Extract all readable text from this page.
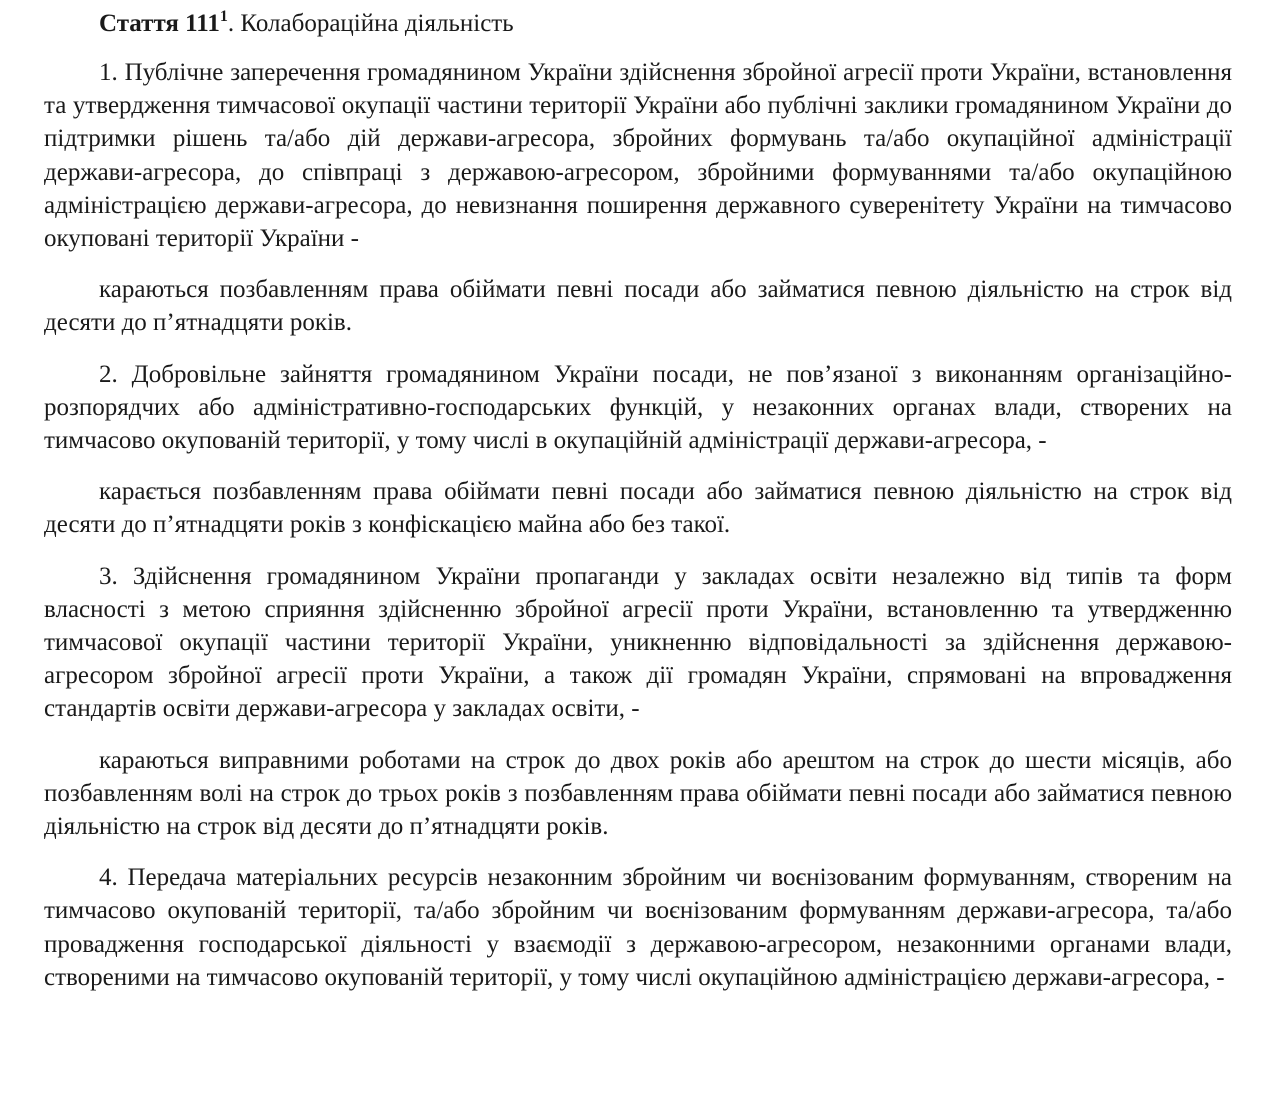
Стаття $111^1$. Колабораційна діяльність

1. Публічне заперечення громадянином України здійснення збройної агресії проти України, встановлення та утвердження тимчасової окупації частини території України або публічні заклики громадянином України до підтримки рішень та/або дій держави-агресора, збройних формувань та/або окупаційної адміністрації держави-агресора, до співпраці з державою-агресором, збройними формуваннями та/або окупаційною адміністрацією держави-агресора, до невизнання поширення державного суверенітету України на тимчасово окуповані території України -

караються позбавленням права обіймати певні посади або займатися певною діяльністю на строк від десяти до п’ятнадцяти років.

2. Добровільне зайняття громадянином України посади, не пов’язаної з виконанням організаційно-розпорядчих або адміністративно-господарських функцій, у незаконних органах влади, створених на тимчасово окупованій території, у тому числі в окупаційній адміністрації держави-агресора, -

карається позбавленням права обіймати певні посади або займатися певною діяльністю на строк від десяти до п’ятнадцяти років з конфіскацією майна або без такої.

3. Здійснення громадянином України пропаганди у закладах освіти незалежно від типів та форм власності з метою сприяння здійсненню збройної агресії проти України, встановленню та утвердженню тимчасової окупації частини території України, уникненню відповідальності за здійснення державою-агресором збройної агресії проти України, а також дії громадян України, спрямовані на впровадження стандартів освіти держави-агресора у закладах освіти, -

караються виправними роботами на строк до двох років або арештом на строк до шести місяців, або позбавленням волі на строк до трьох років з позбавленням права обіймати певні посади або займатися певною діяльністю на строк від десяти до п’ятнадцяти років.

4. Передача матеріальних ресурсів незаконним збройним чи воєнізованим формуванням, створеним на тимчасово окупованій території, та/або збройним чи воєнізованим формуванням держави-агресора, та/або провадження господарської діяльності у взаємодії з державою-агресором, незаконними органами влади, створеними на тимчасово окупованій території, у тому числі окупаційною адміністрацією держави-агресора, -
